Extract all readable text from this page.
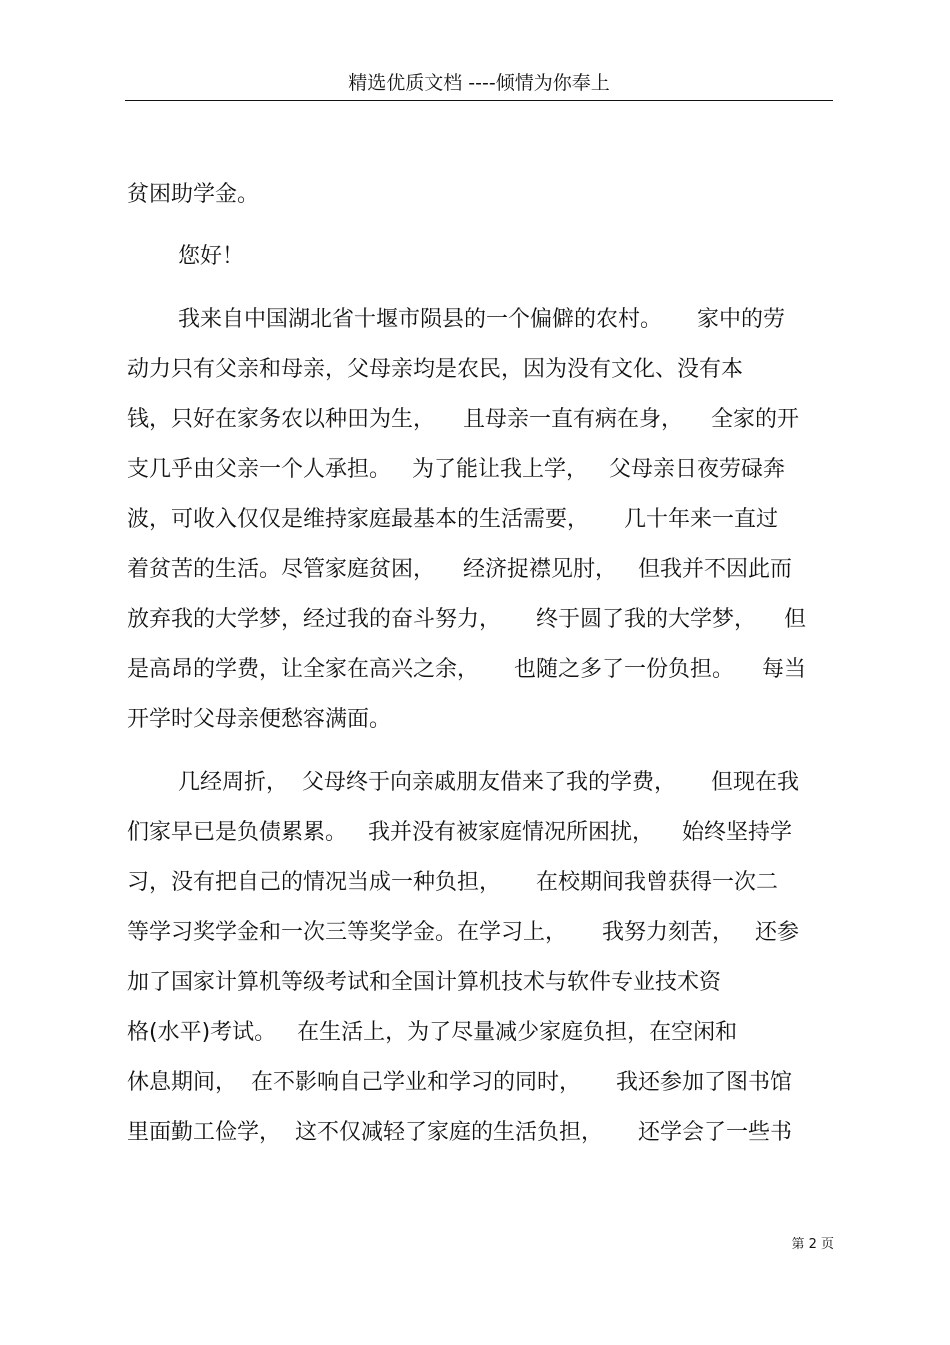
精选优质文档 ----倾情为你奉上
贫困助学金。
您好！
我来自中国湖北省十堰市陨县的一个偏僻的农村。     家中的劳
动力只有父亲和母亲，父母亲均是农民，因为没有文化、没有本
钱，只好在家务农以种田为生，    且母亲一直有病在身，    全家的开
支几乎由父亲一个人承担。   为了能让我上学，   父母亲日夜劳碌奔
波，可收入仅仅是维持家庭最基本的生活需要，     几十年来一直过
着贫苦的生活。尽管家庭贫困，    经济捉襟见肘，   但我并不因此而
放弃我的大学梦，经过我的奋斗努力，     终于圆了我的大学梦，    但
是高昂的学费，让全家在高兴之余，     也随之多了一份负担。    每当
开学时父母亲便愁容满面。
几经周折，  父母终于向亲戚朋友借来了我的学费，     但现在我
们家早已是负债累累。   我并没有被家庭情况所困扰，    始终坚持学
习，没有把自己的情况当成一种负担，     在校期间我曾获得一次二
等学习奖学金和一次三等奖学金。在学习上，     我努力刻苦，   还参
加了国家计算机等级考试和全国计算机技术与软件专业技术资
格(水平)考试。   在生活上，为了尽量减少家庭负担，在空闲和
休息期间，  在不影响自己学业和学习的同时，     我还参加了图书馆
里面勤工俭学，  这不仅减轻了家庭的生活负担，     还学会了一些书
第 2 页
